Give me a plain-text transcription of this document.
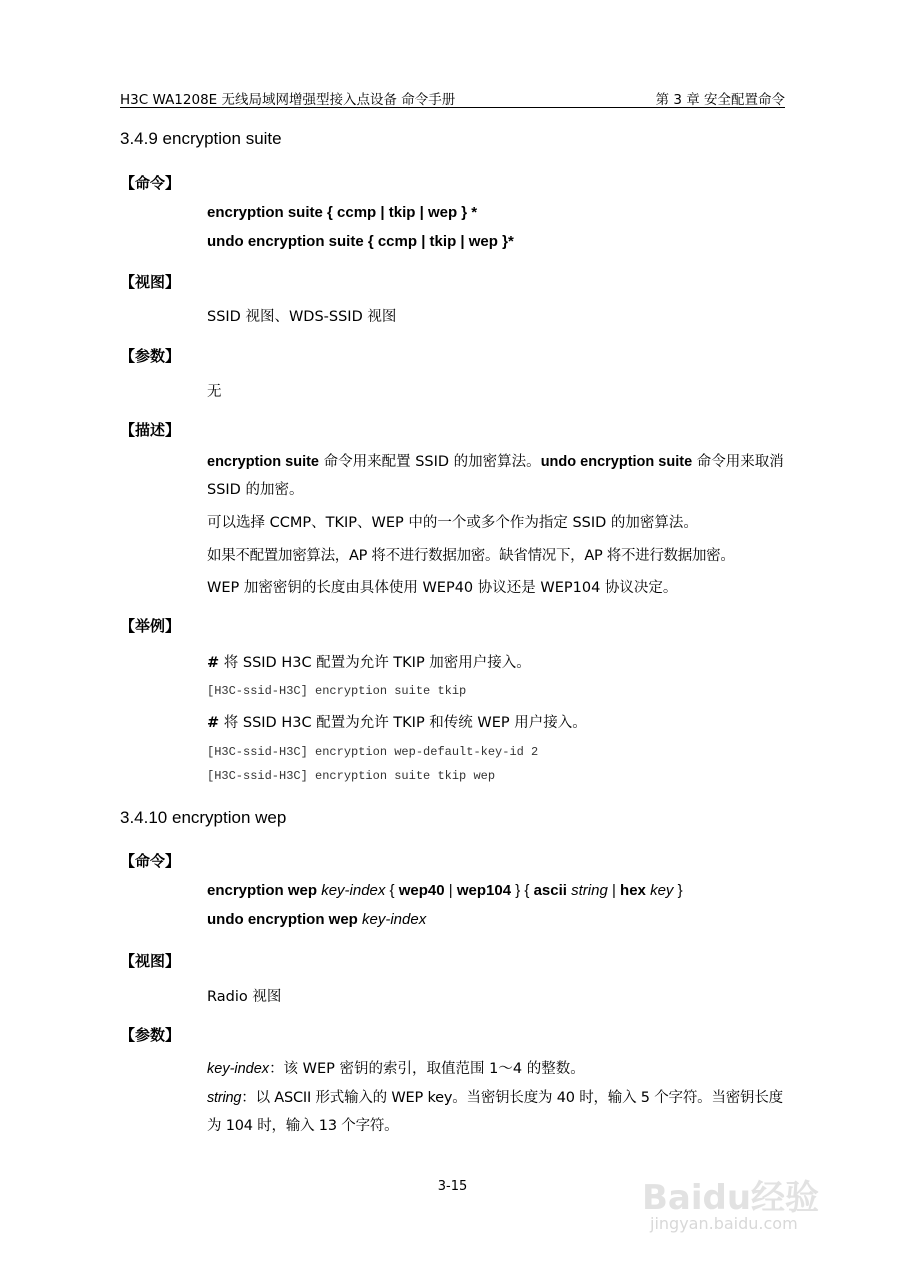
H3C WA1208E 无线局域网增强型接入点设备 命令手册	第 3 章 安全配置命令
3.4.9 encryption suite
【命令】
encryption suite { ccmp | tkip | wep } *
undo encryption suite { ccmp | tkip | wep }*
【视图】
SSID 视图、WDS-SSID 视图
【参数】
无
【描述】
encryption suite 命令用来配置 SSID 的加密算法。undo encryption suite 命令用来取消 SSID 的加密。
可以选择 CCMP、TKIP、WEP 中的一个或多个作为指定 SSID 的加密算法。
如果不配置加密算法，AP 将不进行数据加密。缺省情况下，AP 将不进行数据加密。
WEP 加密密钥的长度由具体使用 WEP40 协议还是 WEP104 协议决定。
【举例】
# 将 SSID H3C 配置为允许 TKIP 加密用户接入。
[H3C-ssid-H3C] encryption suite tkip
# 将 SSID H3C 配置为允许 TKIP 和传统 WEP 用户接入。
[H3C-ssid-H3C] encryption wep-default-key-id 2
[H3C-ssid-H3C] encryption suite tkip wep
3.4.10 encryption wep
【命令】
encryption wep key-index { wep40 | wep104 } { ascii string | hex key }
undo encryption wep key-index
【视图】
Radio 视图
【参数】
key-index：该 WEP 密钥的索引，取值范围 1～4 的整数。
string：以 ASCII 形式输入的 WEP key。当密钥长度为 40 时，输入 5 个字符。当密钥长度为 104 时，输入 13 个字符。
3-15	Baidu经验
jingyan.baidu.com
